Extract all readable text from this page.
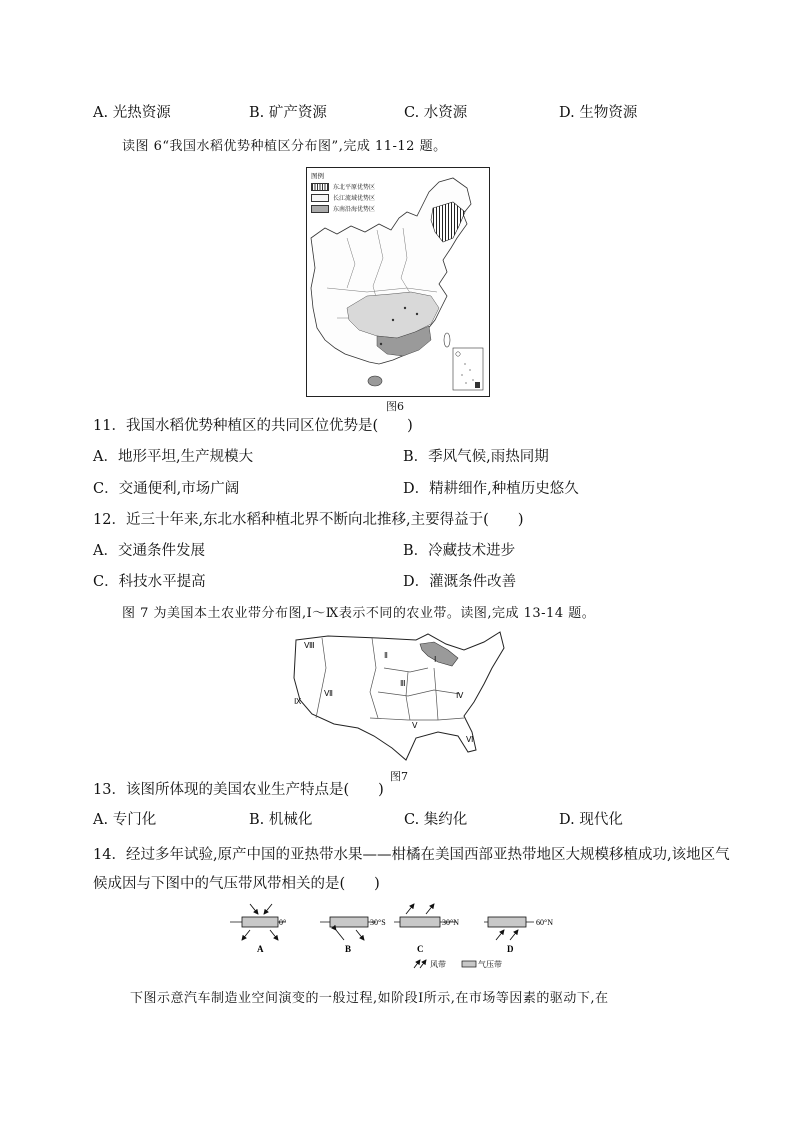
A. 光热资源	B. 矿产资源	C. 水资源	D. 生物资源
读图 6“我国水稻优势种植区分布图”,完成 11-12 题。
图例
东北平原优势区
长江流域优势区
东南沿海优势区
图6
11．我国水稻优势种植区的共同区位优势是(　　)
A．地形平坦,生产规模大	B．季风气候,雨热同期
C．交通便利,市场广阔	D．精耕细作,种植历史悠久
12．近三十年来,东北水稻种植北界不断向北推移,主要得益于(　　)
A．交通条件发展	B．冷藏技术进步
C．科技水平提高	D．灌溉条件改善
图 7 为美国本土农业带分布图,Ⅰ～Ⅸ表示不同的农业带。读图,完成 13-14 题。
Ⅰ
Ⅱ
Ⅲ
Ⅳ
Ⅴ
Ⅵ
Ⅶ
Ⅷ
Ⅸ
图7
13．该图所体现的美国农业生产特点是(　　)
A. 专门化	B. 机械化	C. 集约化	D. 现代化
14．经过多年试验,原产中国的亚热带水果——柑橘在美国西部亚热带地区大规模移植成功,该地区气
候成因与下图中的气压带风带相关的是(　　)
0°
A
30°S
B
30°N
C
60°N
D
风带	气压带
下图示意汽车制造业空间演变的一般过程,如阶段Ⅰ所示,在市场等因素的驱动下,在
